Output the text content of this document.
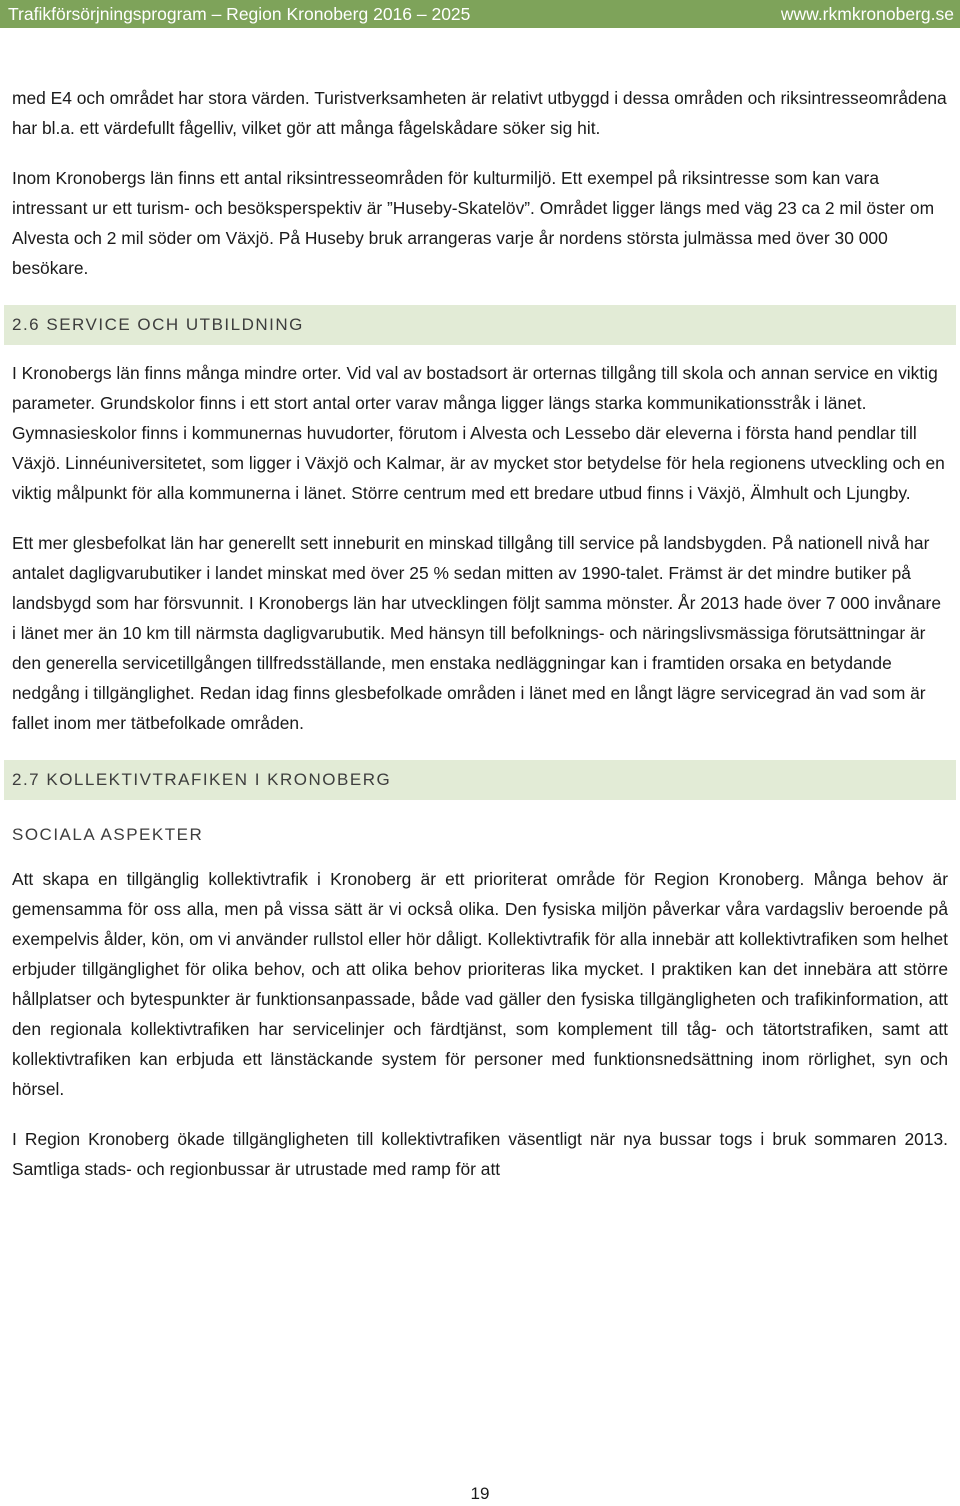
Trafikförsörjningsprogram – Region Kronoberg 2016 – 2025	www.rkmkronoberg.se

med E4 och området har stora värden. Turistverksamheten är relativt utbyggd i dessa områden och riksintresseområdena har bl.a. ett värdefullt fågelliv, vilket gör att många fågelskådare söker sig hit.

Inom Kronobergs län finns ett antal riksintresseområden för kulturmiljö. Ett exempel på riksintresse som kan vara intressant ur ett turism- och besöksperspektiv är ”Huseby-Skatelöv”. Området ligger längs med väg 23 ca 2 mil öster om Alvesta och 2 mil söder om Växjö. På Huseby bruk arrangeras varje år nordens största julmässa med över 30 000 besökare.

2.6 SERVICE OCH UTBILDNING

I Kronobergs län finns många mindre orter. Vid val av bostadsort är orternas tillgång till skola och annan service en viktig parameter. Grundskolor finns i ett stort antal orter varav många ligger längs starka kommunikationsstråk i länet. Gymnasieskolor finns i kommunernas huvudorter, förutom i Alvesta och Lessebo där eleverna i första hand pendlar till Växjö. Linnéuniversitetet, som ligger i Växjö och Kalmar, är av mycket stor betydelse för hela regionens utveckling och en viktig målpunkt för alla kommunerna i länet. Större centrum med ett bredare utbud finns i Växjö, Älmhult och Ljungby.

Ett mer glesbefolkat län har generellt sett inneburit en minskad tillgång till service på landsbygden. På nationell nivå har antalet dagligvarubutiker i landet minskat med över 25 % sedan mitten av 1990-talet. Främst är det mindre butiker på landsbygd som har försvunnit. I Kronobergs län har utvecklingen följt samma mönster. År 2013 hade över 7 000 invånare i länet mer än 10 km till närmsta dagligvarubutik. Med hänsyn till befolknings- och näringslivsmässiga förutsättningar är den generella servicetillgången tillfredsställande, men enstaka nedläggningar kan i framtiden orsaka en betydande nedgång i tillgänglighet. Redan idag finns glesbefolkade områden i länet med en långt lägre servicegrad än vad som är fallet inom mer tätbefolkade områden.

2.7 KOLLEKTIVTRAFIKEN I KRONOBERG
SOCIALA ASPEKTER

Att skapa en tillgänglig kollektivtrafik i Kronoberg är ett prioriterat område för Region Kronoberg. Många behov är gemensamma för oss alla, men på vissa sätt är vi också olika. Den fysiska miljön påverkar våra vardagsliv beroende på exempelvis ålder, kön, om vi använder rullstol eller hör dåligt. Kollektivtrafik för alla innebär att kollektivtrafiken som helhet erbjuder tillgänglighet för olika behov, och att olika behov prioriteras lika mycket. I praktiken kan det innebära att större hållplatser och bytespunkter är funktionsanpassade, både vad gäller den fysiska tillgängligheten och trafikinformation, att den regionala kollektivtrafiken har servicelinjer och färdtjänst, som komplement till tåg- och tätortstrafiken, samt att kollektivtrafiken kan erbjuda ett länstäckande system för personer med funktionsnedsättning inom rörlighet, syn och hörsel.

I Region Kronoberg ökade tillgängligheten till kollektivtrafiken väsentligt när nya bussar togs i bruk sommaren 2013. Samtliga stads- och regionbussar är utrustade med ramp för att

19
